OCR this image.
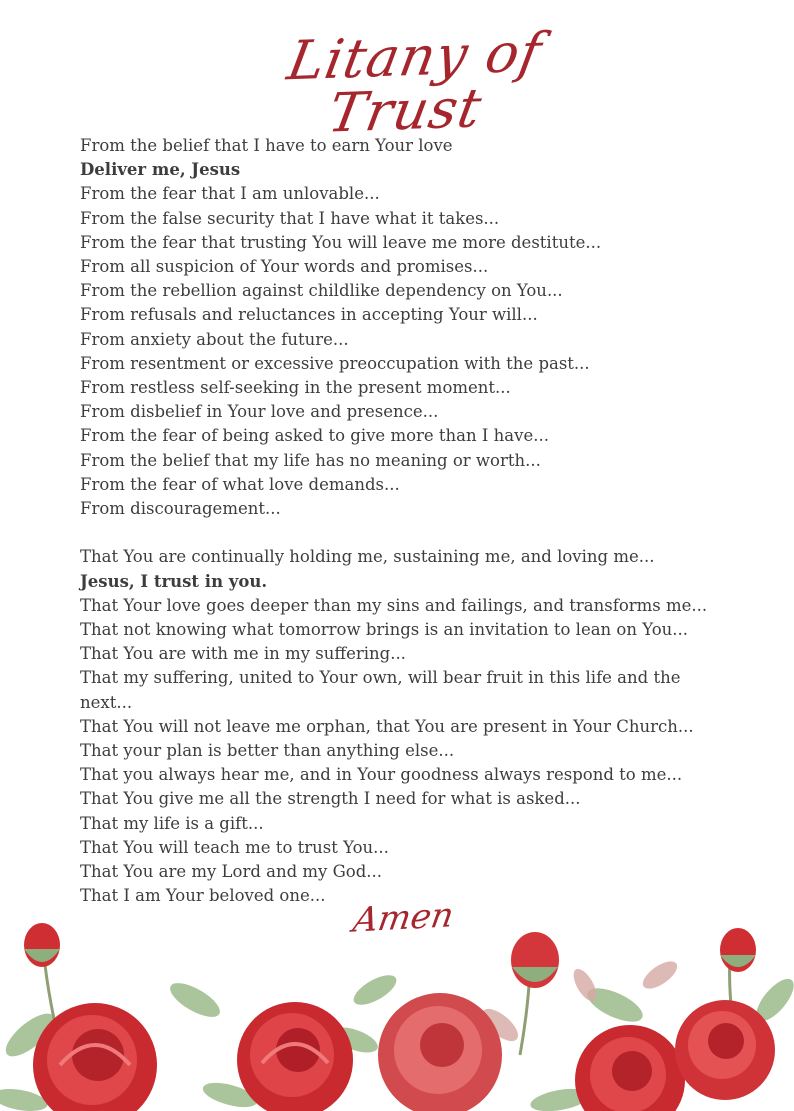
Litany of Trust

From the belief that I have to earn Your love

Deliver me, Jesus

From the fear that I am unlovable...

From the false security that I have what it takes...

From the fear that trusting You will leave me more destitute...

From all suspicion of Your words and promises...

From the rebellion against childlike dependency on You...

From refusals and reluctances in accepting Your will...

From anxiety about the future...

From resentment or excessive preoccupation with the past...

From restless self-seeking in the present moment...

From disbelief in Your love and presence...

From the fear of being asked to give more than I have...

From the belief that my life has no meaning or worth...

From the fear of what love demands...

From discouragement...

That You are continually holding me, sustaining me, and loving me...

Jesus, I trust in you.

That Your love goes deeper than my sins and failings, and transforms me...

That not knowing what tomorrow brings is an invitation to lean on You...

That You are with me in my suffering...

That my suffering, united to Your own, will bear fruit in this life and the next...

That You will not leave me orphan, that You are present in Your Church...

That your plan is better than anything else...

That you always hear me, and in Your goodness always respond to me...

That You give me all the strength I need for what is asked...

That my life is a gift...

That You will teach me to trust You...

That You are my Lord and my God...

That I am Your beloved one... Amen
